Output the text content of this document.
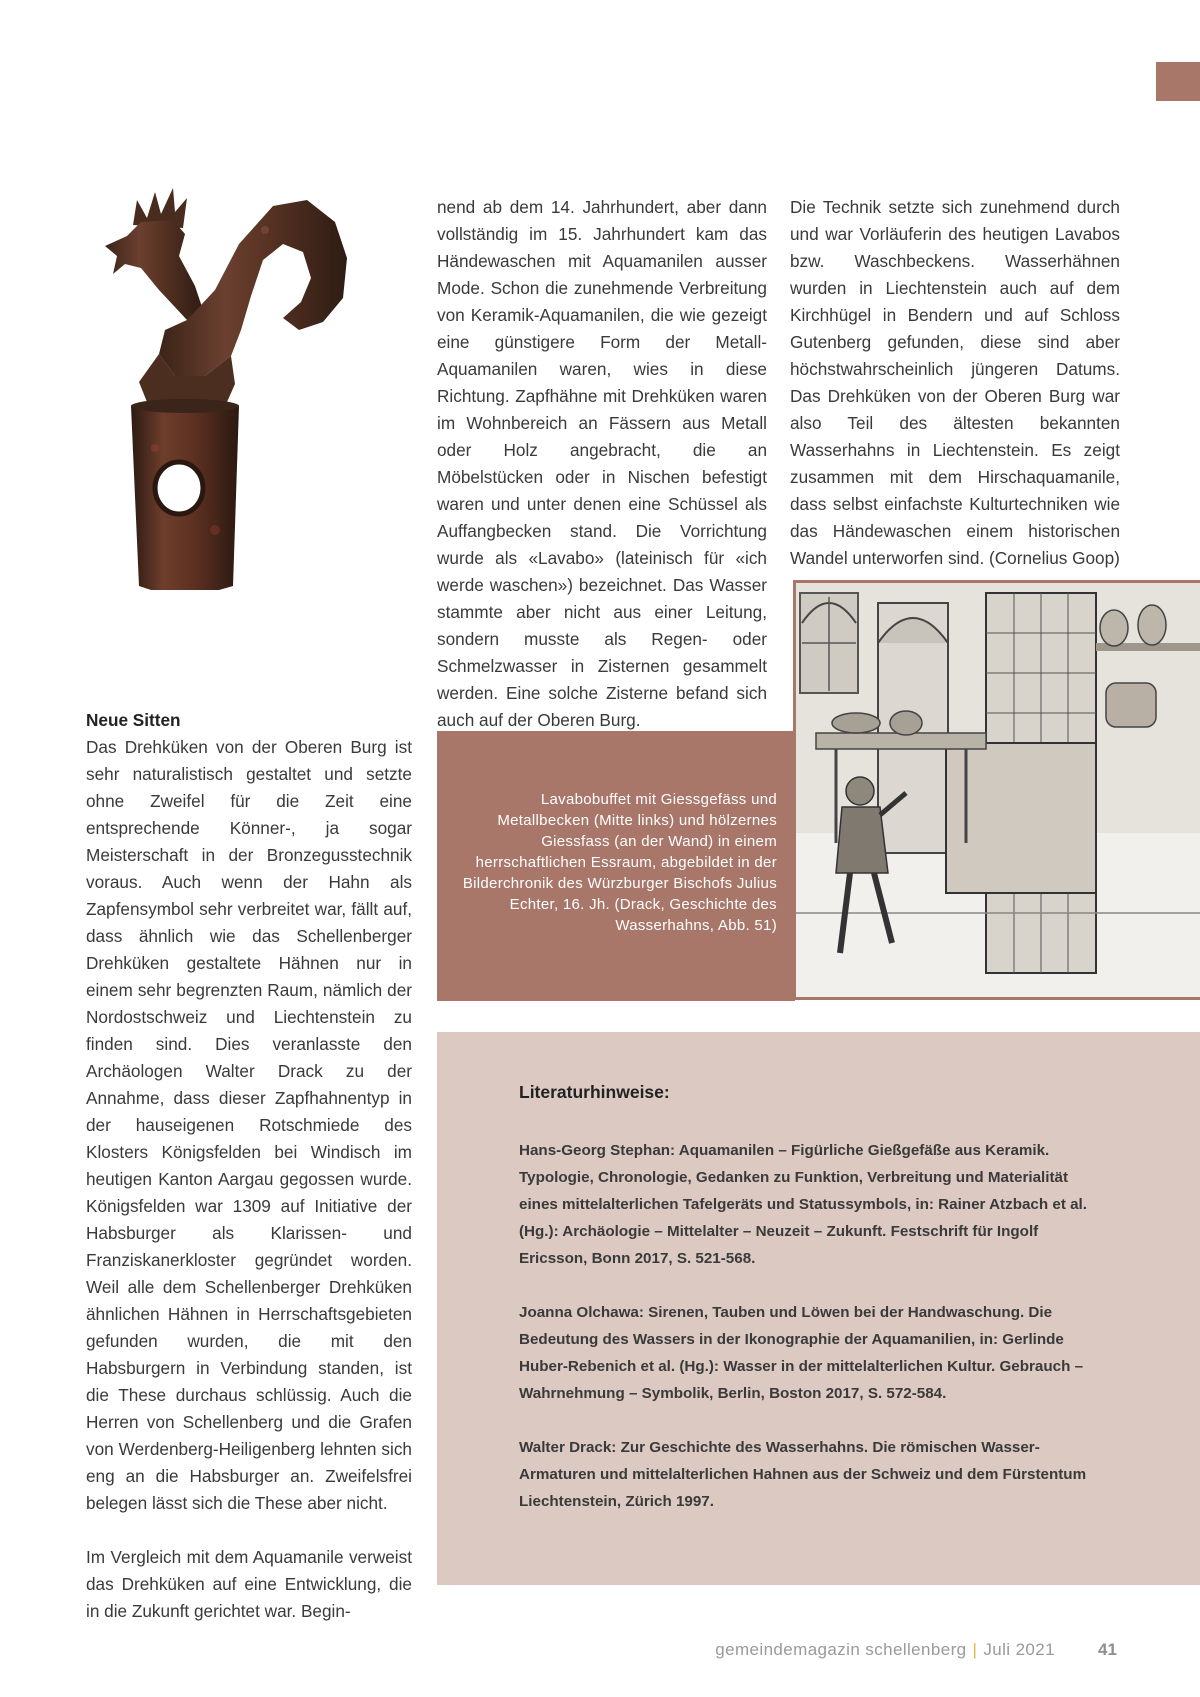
Neue Sitten

Das Drehküken von der Oberen Burg ist sehr naturalistisch gestaltet und setzte ohne Zweifel für die Zeit eine entsprechende Könner-, ja sogar Meisterschaft in der Bronzegusstechnik voraus. Auch wenn der Hahn als Zapfensymbol sehr verbreitet war, fällt auf, dass ähnlich wie das Schellenberger Drehküken gestaltete Hähnen nur in einem sehr begrenzten Raum, nämlich der Nordostschweiz und Liechtenstein zu finden sind. Dies veranlasste den Archäologen Walter Drack zu der Annahme, dass dieser Zapfhahnentyp in der hauseigenen Rotschmiede des Klosters Königsfelden bei Windisch im heutigen Kanton Aargau gegossen wurde. Königsfelden war 1309 auf Initiative der Habsburger als Klarissen- und Franziskanerkloster gegründet worden. Weil alle dem Schellenberger Drehküken ähnlichen Hähnen in Herrschaftsgebieten gefunden wurden, die mit den Habsburgern in Verbindung standen, ist die These durchaus schlüssig. Auch die Herren von Schellenberg und die Grafen von Werdenberg-Heiligenberg lehnten sich eng an die Habsburger an. Zweifelsfrei belegen lässt sich die These aber nicht.

Im Vergleich mit dem Aquamanile verweist das Drehküken auf eine Entwicklung, die in die Zukunft gerichtet war. Begin-

nend ab dem 14. Jahrhundert, aber dann vollständig im 15. Jahrhundert kam das Händewaschen mit Aquamanilen ausser Mode. Schon die zunehmende Verbreitung von Keramik-Aquamanilen, die wie gezeigt eine günstigere Form der Metall-Aquamanilen waren, wies in diese Richtung. Zapfhähne mit Drehküken waren im Wohnbereich an Fässern aus Metall oder Holz angebracht, die an Möbelstücken oder in Nischen befestigt waren und unter denen eine Schüssel als Auffangbecken stand. Die Vorrichtung wurde als «Lavabo» (lateinisch für «ich werde waschen») bezeichnet. Das Wasser stammte aber nicht aus einer Leitung, sondern musste als Regen- oder Schmelzwasser in Zisternen gesammelt werden. Eine solche Zisterne befand sich auch auf der Oberen Burg.

Die Technik setzte sich zunehmend durch und war Vorläuferin des heutigen Lavabos bzw. Waschbeckens. Wasserhähnen wurden in Liechtenstein auch auf dem Kirchhügel in Bendern und auf Schloss Gutenberg gefunden, diese sind aber höchstwahrscheinlich jüngeren Datums. Das Drehküken von der Oberen Burg war also Teil des ältesten bekannten Wasserhahns in Liechtenstein. Es zeigt zusammen mit dem Hirschaquamanile, dass selbst einfachste Kulturtechniken wie das Händewaschen einem historischen Wandel unterworfen sind. (Cornelius Goop)

Lavabobuffet mit Giessgefäss und Metallbecken (Mitte links) und hölzernes Giessfass (an der Wand) in einem herrschaftlichen Essraum, abgebildet in der Bilderchronik des Würzburger Bischofs Julius Echter, 16. Jh. (Drack, Geschichte des Wasserhahns, Abb. 51)
Literaturhinweise:

Hans-Georg Stephan: Aquamanilen – Figürliche Gießgefäße aus Keramik. Typologie, Chronologie, Gedanken zu Funktion, Verbreitung und Materialität eines mittelalterlichen Tafelgeräts und Statussymbols, in: Rainer Atzbach et al. (Hg.): Archäologie – Mittelalter – Neuzeit – Zukunft. Festschrift für Ingolf Ericsson, Bonn 2017, S. 521-568.

Joanna Olchawa: Sirenen, Tauben und Löwen bei der Handwaschung. Die Bedeutung des Wassers in der Ikonographie der Aquamanilien, in: Gerlinde Huber-Rebenich et al. (Hg.): Wasser in der mittelalterlichen Kultur. Gebrauch – Wahrnehmung – Symbolik, Berlin, Boston 2017, S. 572-584.

Walter Drack: Zur Geschichte des Wasserhahns. Die römischen Wasser-Armaturen und mittelalterlichen Hahnen aus der Schweiz und dem Fürstentum Liechtenstein, Zürich 1997.

gemeindemagazin schellenberg | Juli 2021	41
